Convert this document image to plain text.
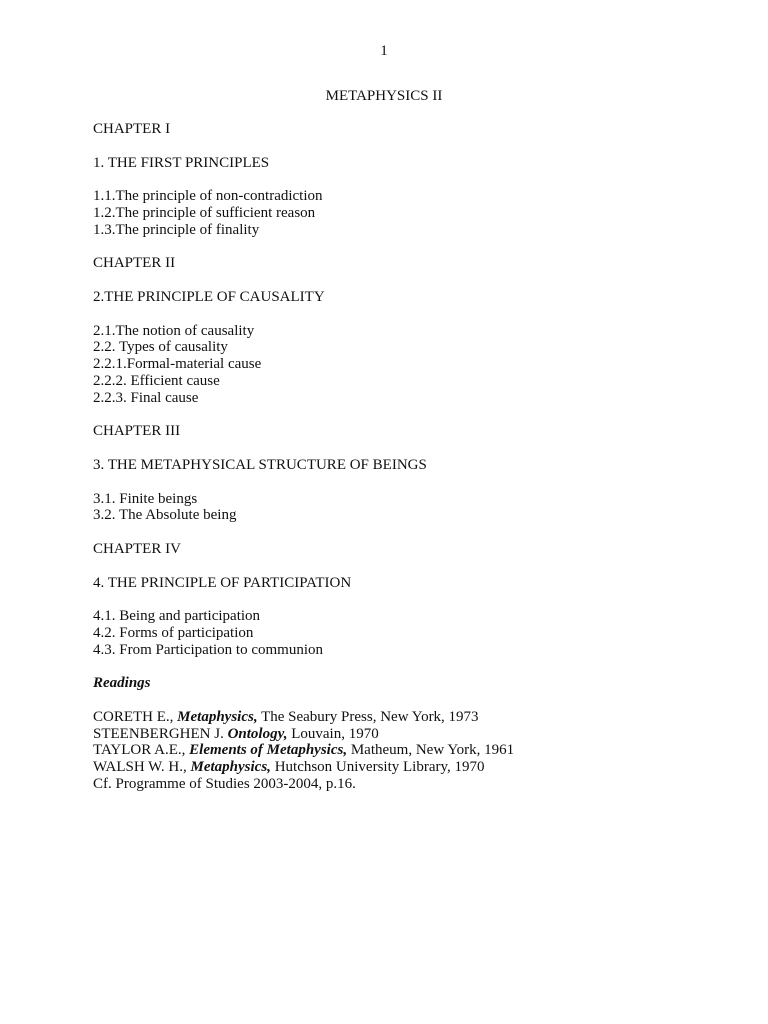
1
METAPHYSICS II
CHAPTER I
1. THE FIRST PRINCIPLES
1.1.The principle of non-contradiction
1.2.The principle of sufficient reason
1.3.The principle of finality
CHAPTER II
2.THE PRINCIPLE OF CAUSALITY
2.1.The notion of causality
2.2. Types of causality
2.2.1.Formal-material cause
2.2.2. Efficient cause
2.2.3. Final cause
CHAPTER III
3. THE METAPHYSICAL STRUCTURE OF BEINGS
3.1. Finite beings
3.2. The Absolute being
CHAPTER IV
4. THE PRINCIPLE OF PARTICIPATION
4.1. Being and participation
4.2. Forms of participation
4.3. From Participation to communion
Readings
CORETH E., Metaphysics, The Seabury Press, New York, 1973
STEENBERGHEN J. Ontology, Louvain, 1970
TAYLOR A.E., Elements of Metaphysics, Matheum, New York, 1961
WALSH W. H., Metaphysics, Hutchson University Library, 1970
Cf. Programme of Studies 2003-2004, p.16.
